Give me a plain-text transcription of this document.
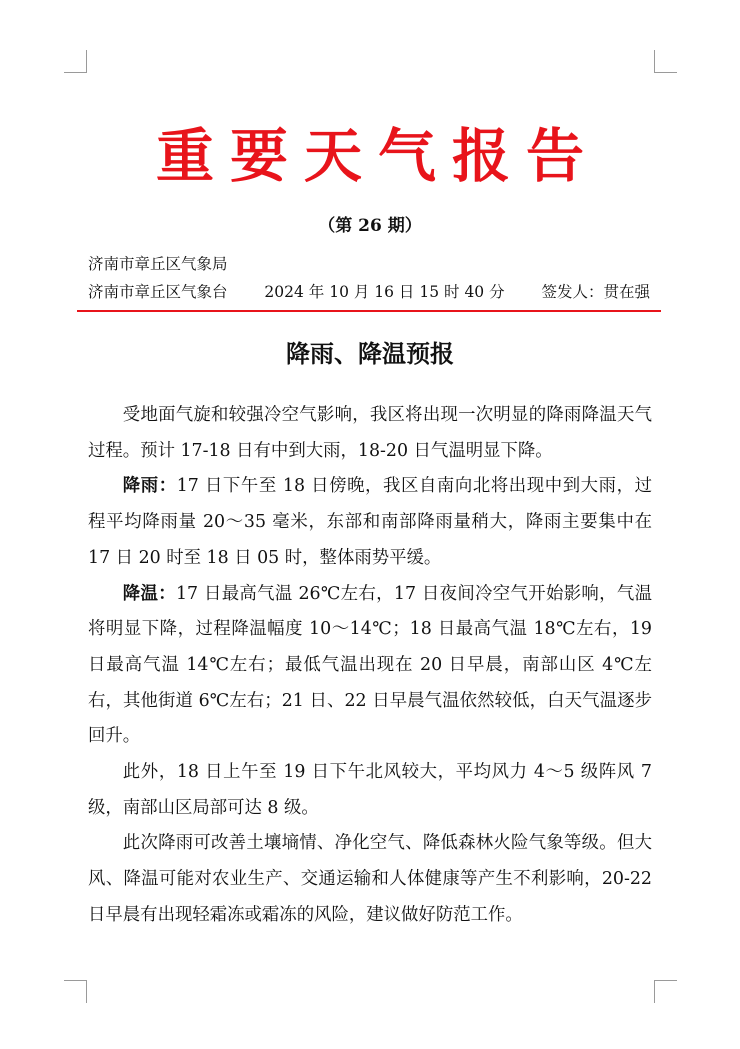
重要天气报告
（第 26 期）
济南市章丘区气象局
济南市章丘区气象台 2024 年 10 月 16 日 15 时 40 分 签发人：贯在强
降雨、降温预报

受地面气旋和较强冷空气影响，我区将出现一次明显的降雨降温天气过程。预计 17-18 日有中到大雨，18-20 日气温明显下降。

降雨：17 日下午至 18 日傍晚，我区自南向北将出现中到大雨，过程平均降雨量 20～35 毫米，东部和南部降雨量稍大，降雨主要集中在 17 日 20 时至 18 日 05 时，整体雨势平缓。

降温：17 日最高气温 26℃左右，17 日夜间冷空气开始影响，气温将明显下降，过程降温幅度 10～14℃；18 日最高气温 18℃左右，19 日最高气温 14℃左右；最低气温出现在 20 日早晨，南部山区 4℃左右，其他街道 6℃左右；21 日、22 日早晨气温依然较低，白天气温逐步回升。

此外，18 日上午至 19 日下午北风较大，平均风力 4～5 级阵风 7 级，南部山区局部可达 8 级。

此次降雨可改善土壤墒情、净化空气、降低森林火险气象等级。但大风、降温可能对农业生产、交通运输和人体健康等产生不利影响，20-22 日早晨有出现轻霜冻或霜冻的风险，建议做好防范工作。
